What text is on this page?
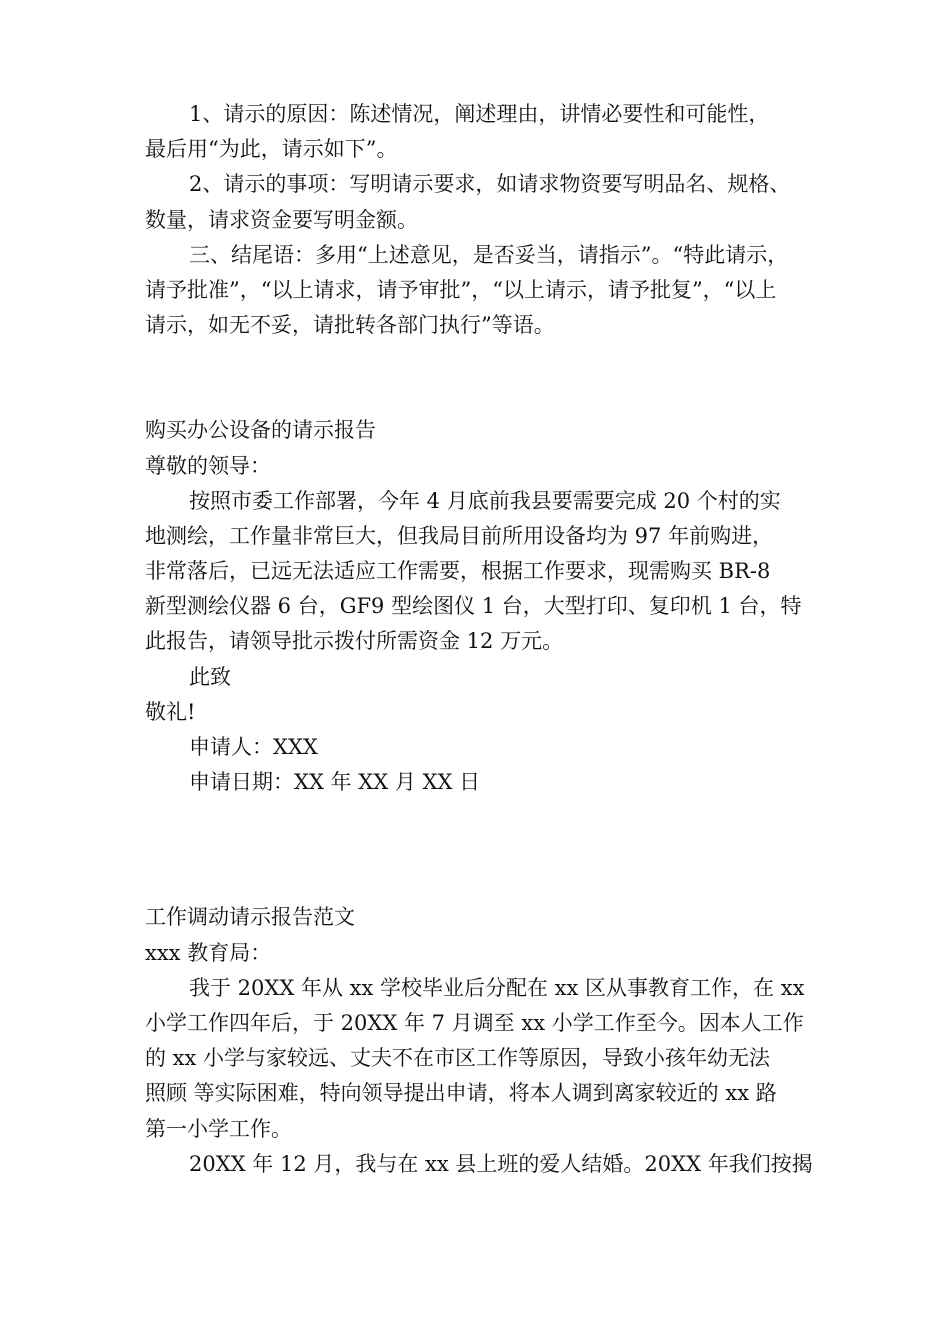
1、请示的原因：陈述情况，阐述理由，讲情必要性和可能性，
最后用“为此，请示如下”。
2、请示的事项：写明请示要求，如请求物资要写明品名、规格、
数量，请求资金要写明金额。
三、结尾语：多用“上述意见，是否妥当，请指示”。“特此请示，
请予批准”，“以上请求，请予审批”，“以上请示，请予批复”，“以上
请示，如无不妥，请批转各部门执行”等语。
购买办公设备的请示报告
尊敬的领导：
按照市委工作部署，今年 4 月底前我县要需要完成 20 个村的实
地测绘，工作量非常巨大，但我局目前所用设备均为 97 年前购进，
非常落后，已远无法适应工作需要，根据工作要求，现需购买 BR-8
新型测绘仪器 6 台，GF9 型绘图仪 1 台，大型打印、复印机 1 台，特
此报告，请领导批示拨付所需资金 12 万元。
此致
敬礼!
申请人：XXX
申请日期：XX 年 XX 月 XX 日
工作调动请示报告范文
xxx 教育局：
我于 20XX 年从 xx 学校毕业后分配在 xx 区从事教育工作，在 xx
小学工作四年后，于 20XX 年 7 月调至 xx 小学工作至今。因本人工作
的 xx 小学与家较远、丈夫不在市区工作等原因，导致小孩年幼无法
照顾 等实际困难，特向领导提出申请，将本人调到离家较近的 xx 路
第一小学工作。
20XX 年 12 月，我与在 xx 县上班的爱人结婚。20XX 年我们按揭
